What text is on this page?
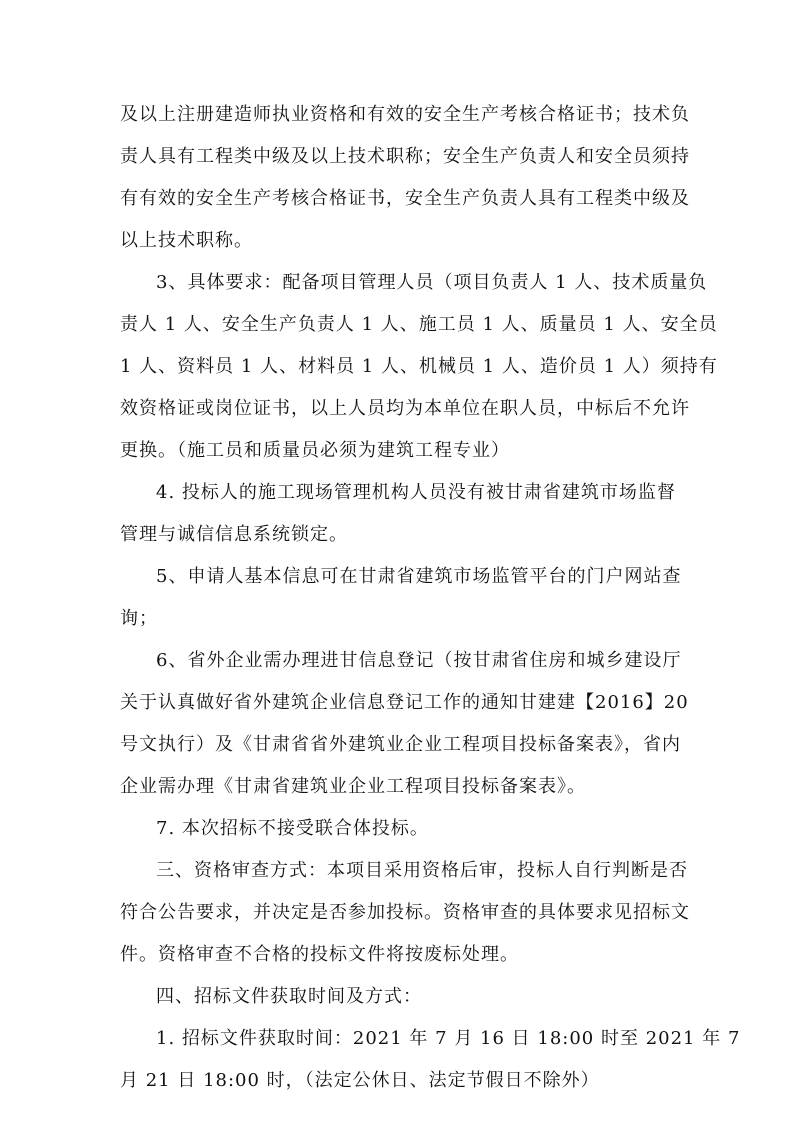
及以上注册建造师执业资格和有效的安全生产考核合格证书；技术负
责人具有工程类中级及以上技术职称；安全生产负责人和安全员须持
有有效的安全生产考核合格证书，安全生产负责人具有工程类中级及
以上技术职称。
3、具体要求：配备项目管理人员（项目负责人 1 人、技术质量负
责人 1 人、安全生产负责人 1 人、施工员 1 人、质量员 1 人、安全员
1 人、资料员 1 人、材料员 1 人、机械员 1 人、造价员 1 人）须持有
效资格证或岗位证书，以上人员均为本单位在职人员，中标后不允许
更换。（施工员和质量员必须为建筑工程专业）
4. 投标人的施工现场管理机构人员没有被甘肃省建筑市场监督
管理与诚信信息系统锁定。
5、申请人基本信息可在甘肃省建筑市场监管平台的门户网站查
询；
6、省外企业需办理进甘信息登记（按甘肃省住房和城乡建设厅
关于认真做好省外建筑企业信息登记工作的通知甘建建【2016】20
号文执行）及《甘肃省省外建筑业企业工程项目投标备案表》，省内
企业需办理《甘肃省建筑业企业工程项目投标备案表》。
7. 本次招标不接受联合体投标。
三、资格审查方式：本项目采用资格后审，投标人自行判断是否
符合公告要求，并决定是否参加投标。资格审查的具体要求见招标文
件。资格审查不合格的投标文件将按废标处理。
四、招标文件获取时间及方式：
1. 招标文件获取时间：2021 年 7 月 16 日 18:00 时至 2021 年 7
月 21 日 18:00 时，（法定公休日、法定节假日不除外）
